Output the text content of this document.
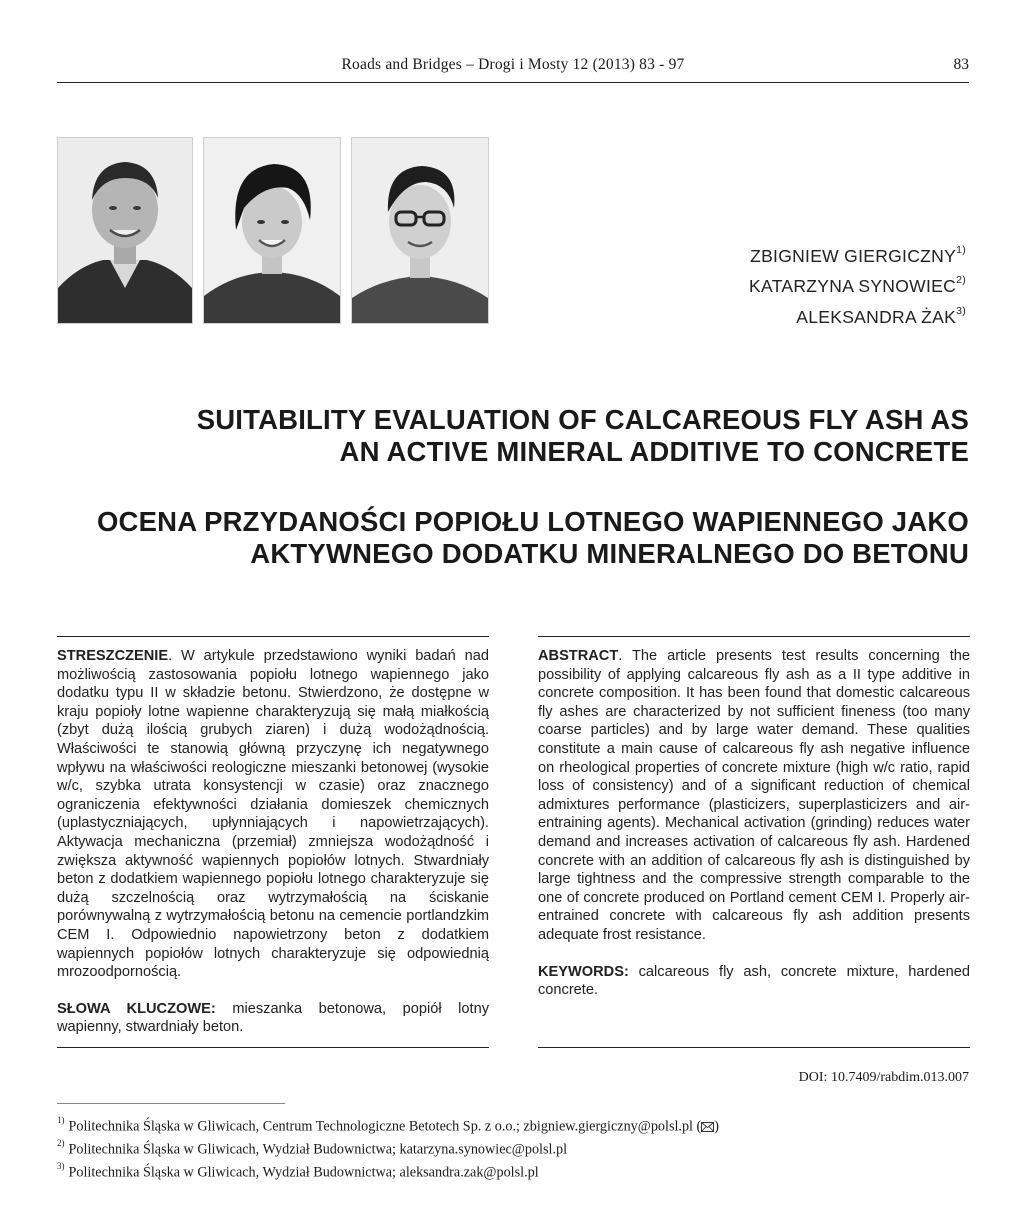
Roads and Bridges – Drogi i Mosty 12 (2013) 83 - 97	83
ZBIGNIEW GIERGICZNY$^{1)}$
KATARZYNA SYNOWIEC$^{2)}$
ALEKSANDRA ŻAK$^{3)}$
SUITABILITY EVALUATION OF CALCAREOUS FLY ASH AS
AN ACTIVE MINERAL ADDITIVE TO CONCRETE
OCENA PRZYDANOŚCI POPIOŁU LOTNEGO WAPIENNEGO JAKO
AKTYWNEGO DODATKU MINERALNEGO DO BETONU

STRESZCZENIE. W artykule przedstawiono wyniki badań nad możliwością zastosowania popiołu lotnego wapiennego jako dodatku typu II w składzie betonu. Stwierdzono, że dostępne w kraju popioły lotne wapienne charakteryzują się małą miałkością (zbyt dużą ilością grubych ziaren) i dużą wodożądnością. Właściwości te stanowią główną przyczynę ich negatywnego wpływu na właściwości reologiczne mieszanki betonowej (wysokie w/c, szybka utrata konsystencji w czasie) oraz znacznego ograniczenia efektywności działania domieszek chemicznych (uplastyczniających, upłynniających i napowietrzających). Aktywacja mechaniczna (przemiał) zmniejsza wodożądność i zwiększa aktywność wapiennych popiołów lotnych. Stwardniały beton z dodatkiem wapiennego popiołu lotnego charakteryzuje się dużą szczelnością oraz wytrzymałością na ściskanie porównywalną z wytrzymałością betonu na cemencie portlandzkim CEM I. Odpowiednio napowietrzony beton z dodatkiem wapiennych popiołów lotnych charakteryzuje się odpowiednią mrozoodpornością.

SŁOWA KLUCZOWE: mieszanka betonowa, popiół lotny wapienny, stwardniały beton.

ABSTRACT. The article presents test results concerning the possibility of applying calcareous fly ash as a II type additive in concrete composition. It has been found that domestic calcareous fly ashes are characterized by not sufficient fineness (too many coarse particles) and by large water demand. These qualities constitute a main cause of calcareous fly ash negative influence on rheological properties of concrete mixture (high w/c ratio, rapid loss of consistency) and of a significant reduction of chemical admixtures performance (plasticizers, superplasticizers and air-entraining agents). Mechanical activation (grinding) reduces water demand and increases activation of calcareous fly ash. Hardened concrete with an addition of calcareous fly ash is distinguished by large tightness and the compressive strength comparable to the one of concrete produced on Portland cement CEM I. Properly air-entrained concrete with calcareous fly ash addition presents adequate frost resistance.

KEYWORDS: calcareous fly ash, concrete mixture, hardened concrete.

DOI: 10.7409/rabdim.013.007
$^{1)}$ Politechnika Śląska w Gliwicach, Centrum Technologiczne Betotech Sp. z o.o.; zbigniew.giergiczny@polsl.pl ( )
$^{2)}$ Politechnika Śląska w Gliwicach, Wydział Budownictwa; katarzyna.synowiec@polsl.pl
$^{3)}$ Politechnika Śląska w Gliwicach, Wydział Budownictwa; aleksandra.zak@polsl.pl
